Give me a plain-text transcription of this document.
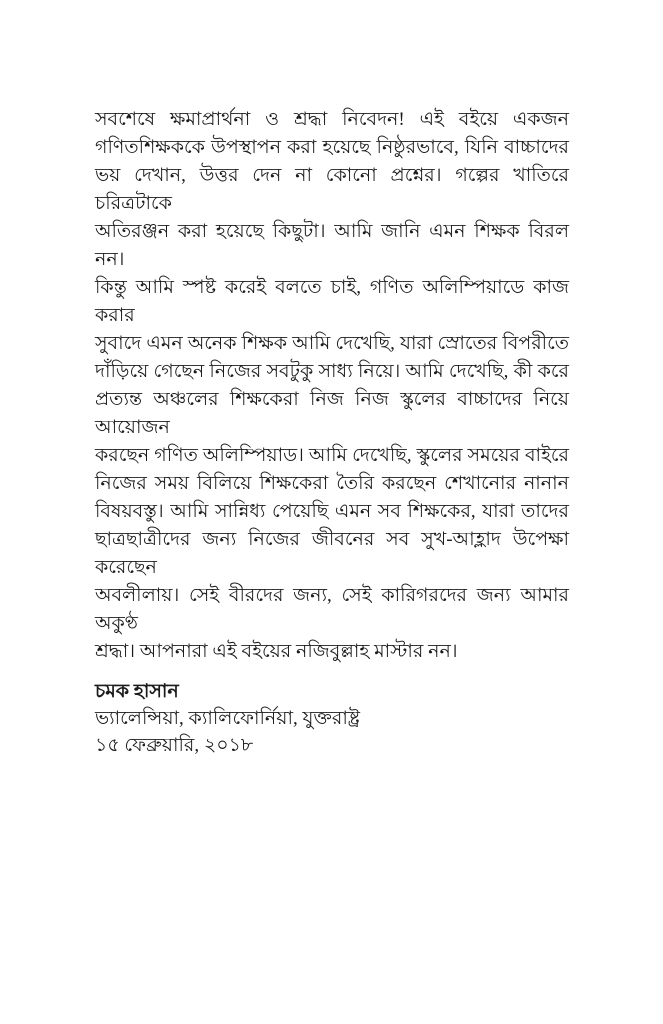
সবশেষে ক্ষমাপ্রার্থনা ও শ্রদ্ধা নিবেদন! এই বইয়ে একজন
গণিতশিক্ষককে উপস্থাপন করা হয়েছে নিষ্ঠুরভাবে, যিনি বাচ্চাদের
ভয় দেখান, উত্তর দেন না কোনো প্রশ্নের। গল্পের খাতিরে চরিত্রটাকে
অতিরঞ্জন করা হয়েছে কিছুটা। আমি জানি এমন শিক্ষক বিরল নন।
কিন্তু আমি স্পষ্ট করেই বলতে চাই, গণিত অলিম্পিয়াডে কাজ করার
সুবাদে এমন অনেক শিক্ষক আমি দেখেছি, যারা স্রোতের বিপরীতে
দাঁড়িয়ে গেছেন নিজের সবটুকু সাধ্য নিয়ে। আমি দেখেছি, কী করে
প্রত্যন্ত অঞ্চলের শিক্ষকেরা নিজ নিজ স্কুলের বাচ্চাদের নিয়ে আয়োজন
করছেন গণিত অলিম্পিয়াড। আমি দেখেছি, স্কুলের সময়ের বাইরে
নিজের সময় বিলিয়ে শিক্ষকেরা তৈরি করছেন শেখানোর নানান
বিষয়বস্তু। আমি সান্নিধ্য পেয়েছি এমন সব শিক্ষকের, যারা তাদের
ছাত্রছাত্রীদের জন্য নিজের জীবনের সব সুখ-আহ্লাদ উপেক্ষা করেছেন
অবলীলায়। সেই বীরদের জন্য, সেই কারিগরদের জন্য আমার অকুণ্ঠ
শ্রদ্ধা। আপনারা এই বইয়ের নজিবুল্লাহ মাস্টার নন।
চমক হাসান
ভ্যালেন্সিয়া, ক্যালিফোর্নিয়া, যুক্তরাষ্ট্র
১৫ ফেব্রুয়ারি, ২০১৮
